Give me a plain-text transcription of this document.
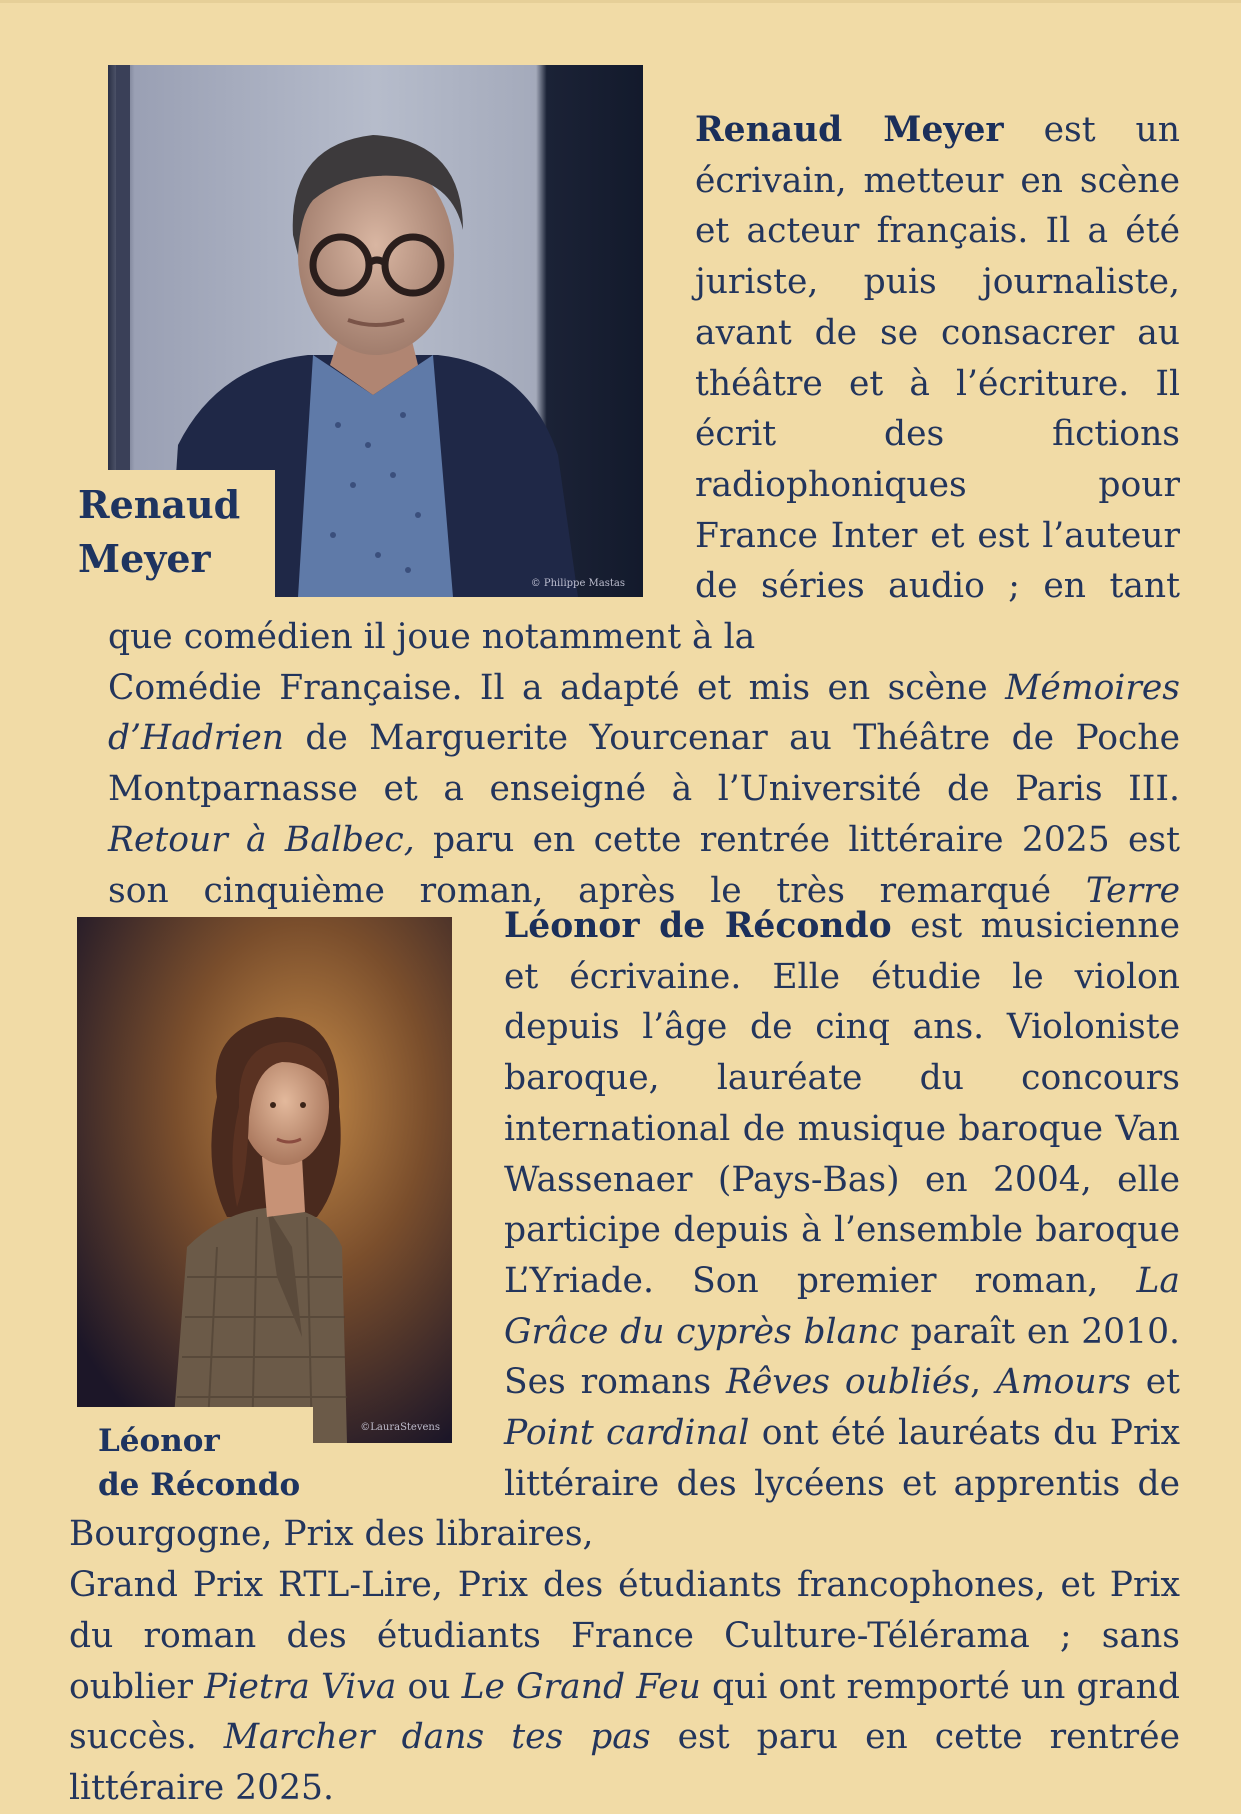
© Philippe Mastas
Renaud
Meyer

Renaud Meyer est un écrivain, metteur en scène et acteur français. Il a été juriste, puis journaliste, avant de se consacrer au théâtre et à l’écriture. Il écrit des fictions radiophoniques pour France Inter et est l’auteur de séries audio ; en tant que comédien il joue notamment à la

Comédie Française. Il a adapté et mis en scène Mémoires d’Hadrien de Marguerite Yourcenar au Théâtre de Poche Montparnasse et a enseigné à l’Université de Paris III. Retour à Balbec, paru en cette rentrée littéraire 2025 est son cinquième roman, après le très remarqué Terre

©LauraStevens
Léonor
de Récondo

Léonor de Récondo est musicienne et écrivaine. Elle étudie le violon depuis l’âge de cinq ans. Violoniste baroque, lauréate du concours international de musique baroque Van Wassenaer (Pays-Bas) en 2004, elle participe depuis à l’ensemble baroque L’Yriade. Son premier roman, La Grâce du cyprès blanc paraît en 2010. Ses romans Rêves oubliés, Amours et Point cardinal ont été lauréats du Prix littéraire des lycéens et apprentis de Bourgogne, Prix des libraires,

Grand Prix RTL-Lire, Prix des étudiants francophones, et Prix du roman des étudiants France Culture-Télérama ; sans oublier Pietra Viva ou Le Grand Feu qui ont remporté un grand succès. Marcher dans tes pas est paru en cette rentrée littéraire 2025.
